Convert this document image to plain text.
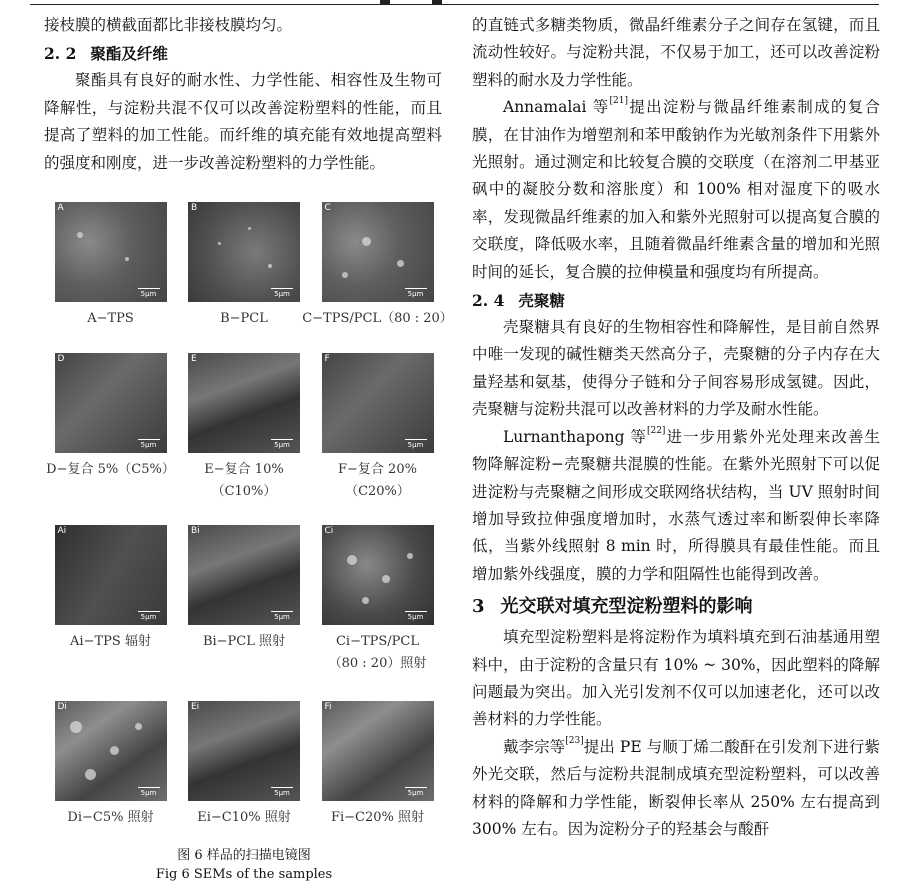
接枝膜的横截面都比非接枝膜均匀。

2. 2 聚酯及纤维

聚酯具有良好的耐水性、力学性能、相容性及生物可降解性，与淀粉共混不仅可以改善淀粉塑料的性能，而且提高了塑料的加工性能。而纤维的填充能有效地提高塑料的强度和刚度，进一步改善淀粉塑料的力学性能。

A
5μm
A−TPS
B
5μm
B−PCL
C
5μm
C−TPS/PCL（80 : 20）
D
5μm
D−复合 5%（C5%）
E
5μm
E−复合 10%
（C10%）
F
5μm
F−复合 20%
（C20%）
Ai
5μm
Ai−TPS 辐射
Bi
5μm
Bi−PCL 照射
Ci
5μm
Ci−TPS/PCL
（80 : 20）照射
Di
5μm
Di−C5% 照射
Ei
5μm
Ei−C10% 照射
Fi
5μm
Fi−C20% 照射
图 6 样品的扫描电镜图
Fig 6 SEMs of the samples

的直链式多糖类物质，微晶纤维素分子之间存在氢键，而且流动性较好。与淀粉共混，不仅易于加工，还可以改善淀粉塑料的耐水及力学性能。

Annamalai 等[21]提出淀粉与微晶纤维素制成的复合膜，在甘油作为增塑剂和苯甲酸钠作为光敏剂条件下用紫外光照射。通过测定和比较复合膜的交联度（在溶剂二甲基亚砜中的凝胶分数和溶胀度）和 100% 相对湿度下的吸水率，发现微晶纤维素的加入和紫外光照射可以提高复合膜的交联度，降低吸水率，且随着微晶纤维素含量的增加和光照时间的延长，复合膜的拉伸模量和强度均有所提高。

2. 4 壳聚糖

壳聚糖具有良好的生物相容性和降解性，是目前自然界中唯一发现的碱性糖类天然高分子，壳聚糖的分子内存在大量羟基和氨基，使得分子链和分子间容易形成氢键。因此，壳聚糖与淀粉共混可以改善材料的力学及耐水性能。

Lurnanthapong 等[22]进一步用紫外光处理来改善生物降解淀粉−壳聚糖共混膜的性能。在紫外光照射下可以促进淀粉与壳聚糖之间形成交联网络状结构，当 UV 照射时间增加导致拉伸强度增加时，水蒸气透过率和断裂伸长率降低，当紫外线照射 8 min 时，所得膜具有最佳性能。而且增加紫外线强度，膜的力学和阻隔性也能得到改善。

3 光交联对填充型淀粉塑料的影响

填充型淀粉塑料是将淀粉作为填料填充到石油基通用塑料中，由于淀粉的含量只有 10% ~ 30%，因此塑料的降解问题最为突出。加入光引发剂不仅可以加速老化，还可以改善材料的力学性能。

戴李宗等[23]提出 PE 与顺丁烯二酸酐在引发剂下进行紫外光交联，然后与淀粉共混制成填充型淀粉塑料，可以改善材料的降解和力学性能，断裂伸长率从 250% 左右提高到 300% 左右。因为淀粉分子的羟基会与酸酐
